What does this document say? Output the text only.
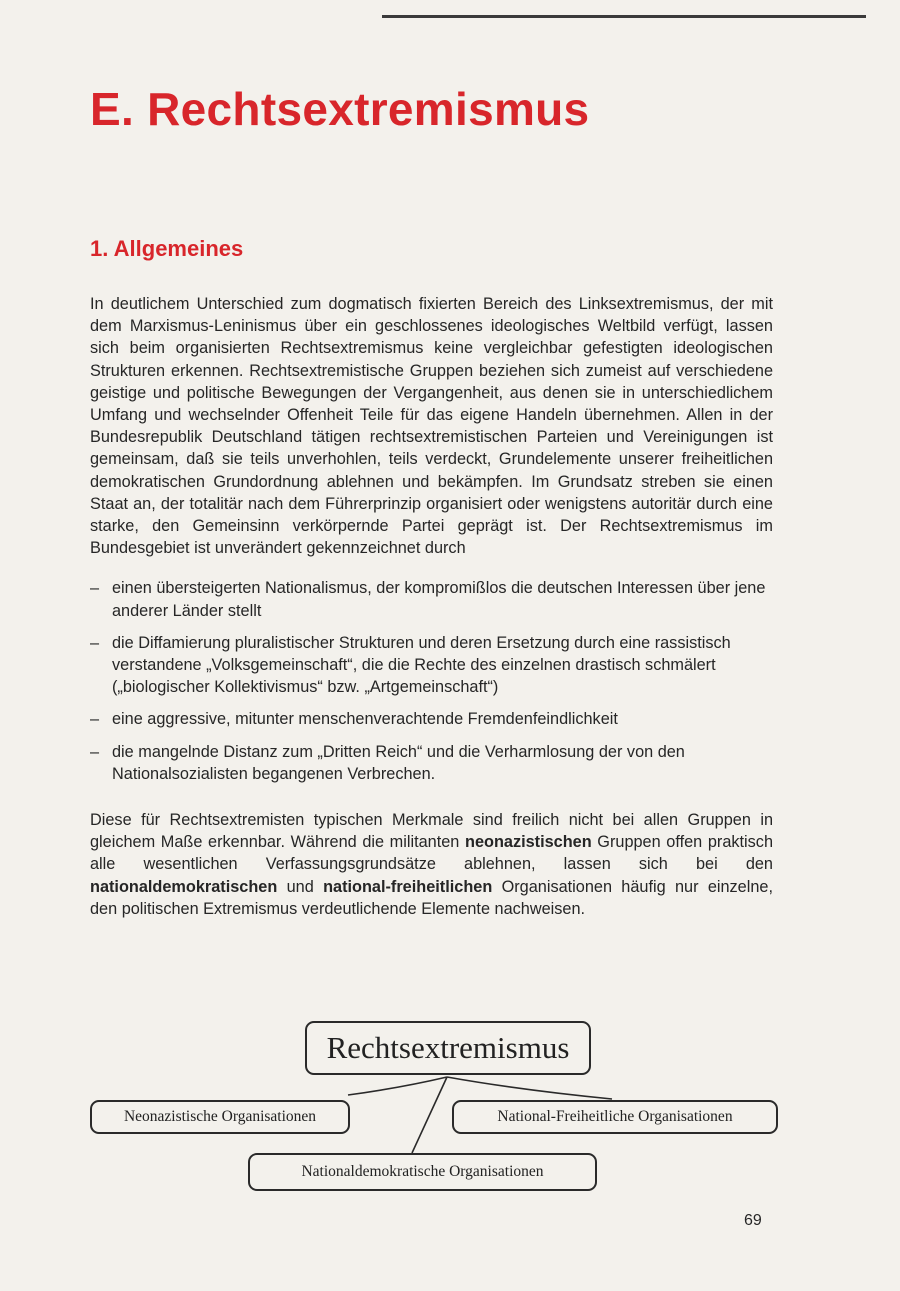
E. Rechtsextremismus
1. Allgemeines

In deutlichem Unterschied zum dogmatisch fixierten Bereich des Linksextremismus, der mit dem Marxismus-Leninismus über ein geschlossenes ideologisches Weltbild verfügt, lassen sich beim organisierten Rechtsextremismus keine vergleichbar gefestigten ideologischen Strukturen erkennen. Rechtsextremistische Gruppen beziehen sich zumeist auf verschiedene geistige und politische Bewegungen der Vergangenheit, aus denen sie in unterschiedlichem Umfang und wechselnder Offenheit Teile für das eigene Handeln übernehmen. Allen in der Bundesrepublik Deutschland tätigen rechtsextremistischen Parteien und Vereinigungen ist gemeinsam, daß sie teils unverhohlen, teils verdeckt, Grundelemente unserer freiheitlichen demokratischen Grundordnung ablehnen und bekämpfen. Im Grundsatz streben sie einen Staat an, der totalitär nach dem Führerprinzip organisiert oder wenigstens autoritär durch eine starke, den Gemeinsinn verkörpernde Partei geprägt ist. Der Rechtsextremismus im Bundesgebiet ist unverändert gekennzeichnet durch

– einen übersteigerten Nationalismus, der kompromißlos die deutschen Interessen über jene anderer Länder stellt
– die Diffamierung pluralistischer Strukturen und deren Ersetzung durch eine rassistisch verstandene „Volksgemeinschaft“, die die Rechte des einzelnen drastisch schmälert („biologischer Kollektivismus“ bzw. „Artgemeinschaft“)
– eine aggressive, mitunter menschenverachtende Fremdenfeindlichkeit
– die mangelnde Distanz zum „Dritten Reich“ und die Verharmlosung der von den Nationalsozialisten begangenen Verbrechen.

Diese für Rechtsextremisten typischen Merkmale sind freilich nicht bei allen Gruppen in gleichem Maße erkennbar. Während die militanten neonazistischen Gruppen offen praktisch alle wesentlichen Verfassungsgrundsätze ablehnen, lassen sich bei den nationaldemokratischen und national-freiheitlichen Organisationen häufig nur einzelne, den politischen Extremismus verdeutlichende Elemente nachweisen.

Rechtsextremismus
Neonazistische Organisationen	National-Freiheitliche Organisationen
Nationaldemokratische Organisationen
69
